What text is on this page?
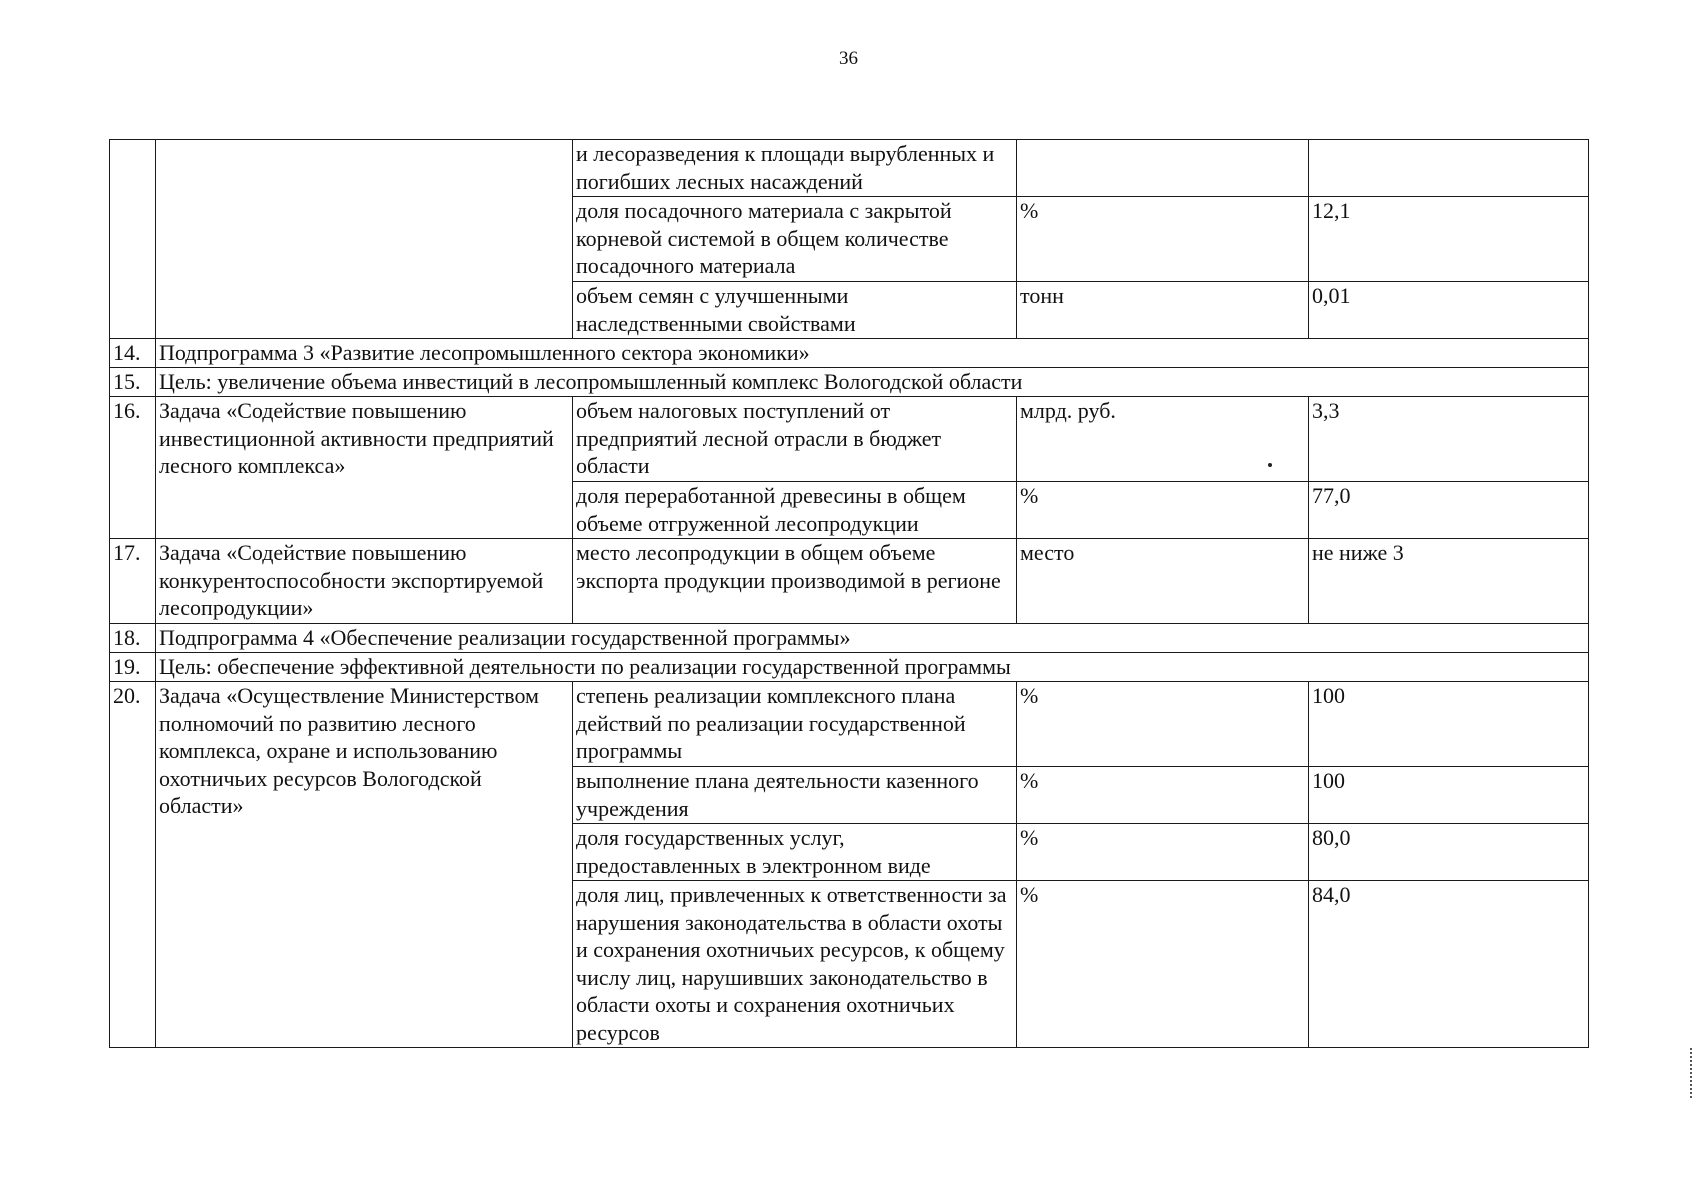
36
		и лесоразведения к площади вырубленных и погибших лесных насаждений		
		доля посадочного материала с закрытой корневой системой в общем количестве посадочного материала	%	12,1
		объем семян с улучшенными наследственными свойствами	тонн	0,01
14.	Подпрограмма 3 «Развитие лесопромышленного сектора экономики»			
15.	Цель: увеличение объема инвестиций в лесопромышленный комплекс Вологодской области			
16.	Задача «Содействие повышению инвестиционной активности предприятий лесного комплекса»	объем налоговых поступлений от предприятий лесной отрасли в бюджет области	млрд. руб.	3,3
		доля переработанной древесины в общем объеме отгруженной лесопродукции	%	77,0
17.	Задача «Содействие повышению конкурентоспособности экспортируемой лесопродукции»	место лесопродукции в общем объеме экспорта продукции производимой в регионе	место	не ниже 3
18.	Подпрограмма 4 «Обеспечение реализации государственной программы»			
19.	Цель: обеспечение эффективной деятельности по реализации государственной программы			
20.	Задача «Осуществление Министерством полномочий по развитию лесного комплекса, охране и использованию охотничьих ресурсов Вологодской области»	степень реализации комплексного плана действий по реализации государственной программы	%	100
		выполнение плана деятельности казенного учреждения	%	100
		доля государственных услуг, предоставленных в электронном виде	%	80,0
		доля лиц, привлеченных к ответственности за нарушения законодательства в области охоты и сохранения охотничьих ресурсов, к общему числу лиц, нарушивших законодательство в области охоты и сохранения охотничьих ресурсов	%	84,0
